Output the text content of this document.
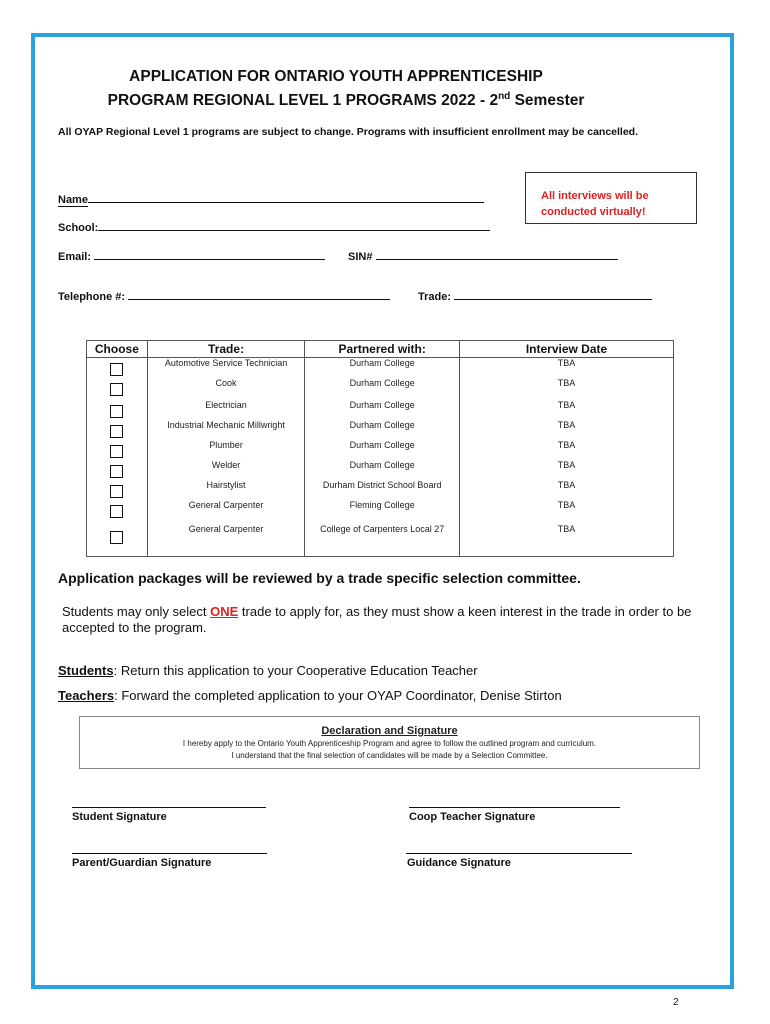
APPLICATION FOR ONTARIO YOUTH APPRENTICESHIP
PROGRAM REGIONAL LEVEL 1 PROGRAMS 2022 - 2nd Semester
All OYAP Regional Level 1 programs are subject to change. Programs with insufficient enrollment may be cancelled.
Name
School:
Email:	SIN#
Telephone #:	Trade:
All interviews will be conducted virtually!
Choose	Trade:	Partnered with:	Interview Date
	Automotive Service Technician	Durham College	TBA
	Cook	Durham College	TBA
	Electrician	Durham College	TBA
	Industrial Mechanic Millwright	Durham College	TBA
	Plumber	Durham College	TBA
	Welder	Durham College	TBA
	Hairstylist	Durham District School Board	TBA
	General Carpenter	Fleming College	TBA
	General Carpenter	College of Carpenters Local 27	TBA
Application packages will be reviewed by a trade specific selection committee.
Students may only select ONE trade to apply for, as they must show a keen interest in the trade in order to be accepted to the program.
Students: Return this application to your Cooperative Education Teacher
Teachers: Forward the completed application to your OYAP Coordinator, Denise Stirton
Declaration and Signature
I hereby apply to the Ontario Youth Apprenticeship Program and agree to follow the outlined program and curriculum.
I understand that the final selection of candidates will be made by a Selection Committee.
Student Signature	Coop Teacher Signature
Parent/Guardian Signature	Guidance Signature
2
